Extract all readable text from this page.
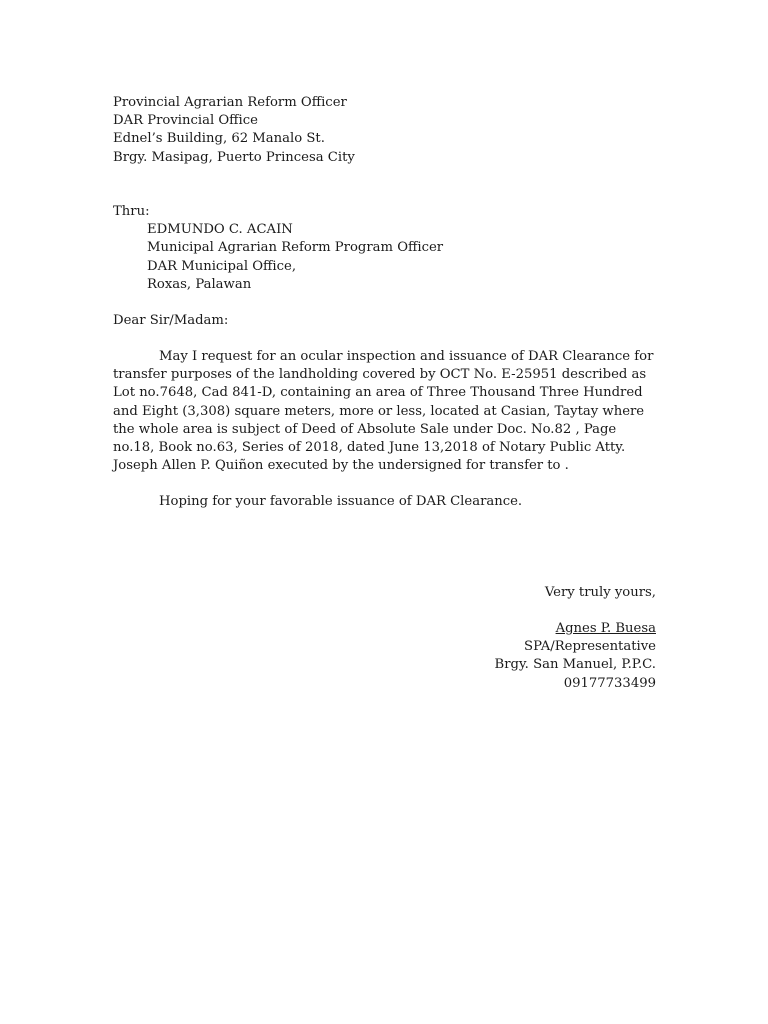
Provincial Agrarian Reform Officer
DAR Provincial Office
Ednel’s Building, 62 Manalo St.
Brgy. Masipag, Puerto Princesa City
Thru:
EDMUNDO C. ACAIN
Municipal Agrarian Reform Program Officer
DAR Municipal Office,
Roxas, Palawan
Dear Sir/Madam:
May I request for an ocular inspection and issuance of DAR Clearance for transfer purposes of the landholding covered by OCT No. E-25951 described as Lot no.7648, Cad 841-D, containing an area of Three Thousand Three Hundred and Eight (3,308) square meters, more or less, located at Casian, Taytay where the whole area is subject of Deed of Absolute Sale under Doc. No.82 , Page no.18, Book no.63, Series of 2018, dated June 13,2018 of Notary Public Atty. Joseph Allen P. Quiñon executed by the undersigned for transfer to .
Hoping for your favorable issuance of DAR Clearance.
Very truly yours,
Agnes P. Buesa
SPA/Representative
Brgy. San Manuel, P.P.C.
09177733499
